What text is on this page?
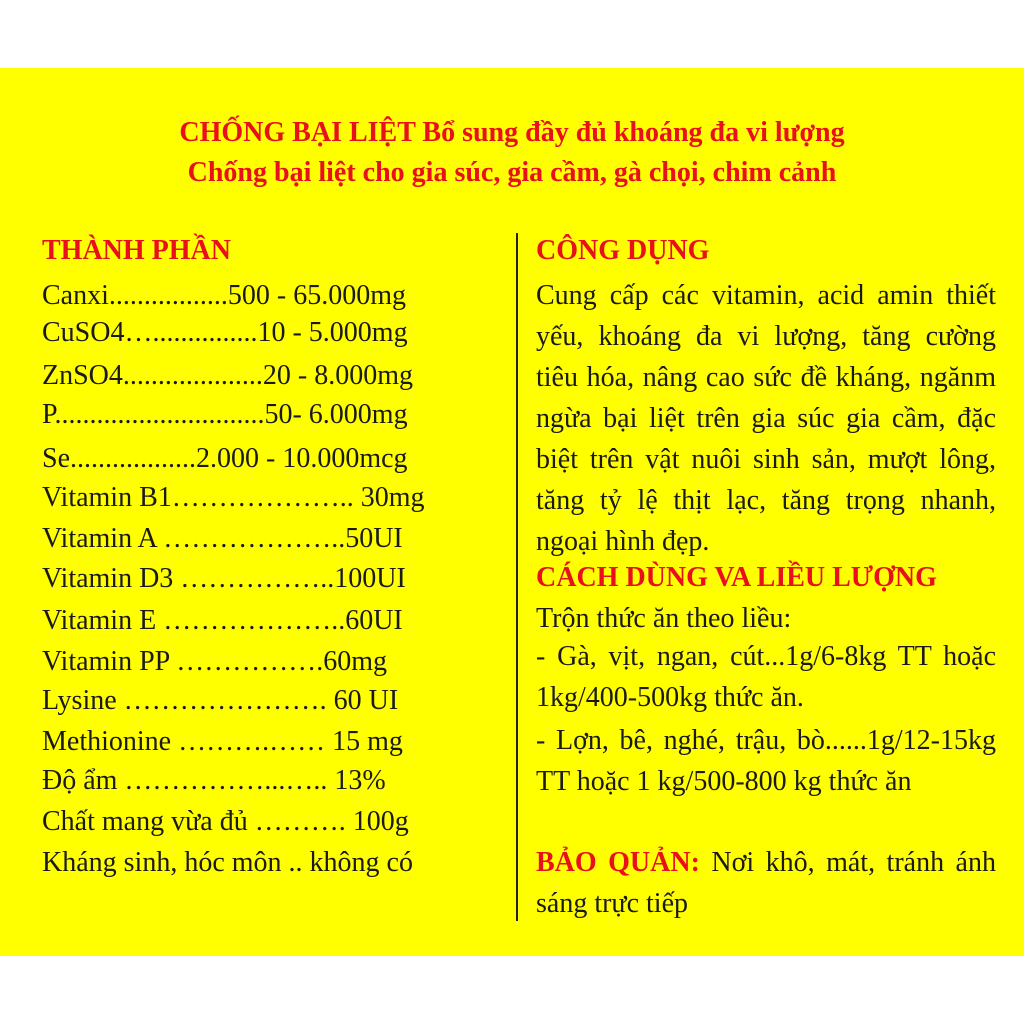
CHỐNG BẠI LIỆT Bổ sung đầy đủ khoáng đa vi lượng
Chống bại liệt cho gia súc, gia cầm, gà chọi, chim cảnh
THÀNH PHẦN
Canxi.................500 - 65.000mg
CuSO4…...............10 - 5.000mg
ZnSO4....................20 - 8.000mg
P..............................50- 6.000mg
Se..................2.000 - 10.000mcg
Vitamin B1……………….. 30mg
Vitamin A ………………..50UI
Vitamin D3 ……………..100UI
Vitamin E ………………..60UI
Vitamin PP …………….60mg
Lysine …………………. 60 UI
Methionine ……….…… 15 mg
Độ ẩm ……………...….. 13%
Chất mang vừa đủ ………. 100g
Kháng sinh, hóc môn .. không có
CÔNG DỤNG
Cung cấp các vitamin, acid amin thiết yếu, khoáng đa vi lượng, tăng cường tiêu hóa, nâng cao sức đề kháng, ngănm ngừa bại liệt trên gia súc gia cầm, đặc biệt trên vật nuôi sinh sản, mượt lông, tăng tỷ lệ thịt lạc, tăng trọng nhanh, ngoại hình đẹp.
CÁCH DÙNG VA LIỀU LƯỢNG
Trộn thức ăn theo liều:
- Gà, vịt, ngan, cút...1g/6-8kg TT hoặc 1kg/400-500kg thức ăn.
- Lợn, bê, nghé, trậu, bò......1g/12-15kg TT hoặc 1 kg/500-800 kg thức ăn
BẢO QUẢN: Nơi khô, mát, tránh ánh sáng trực tiếp
